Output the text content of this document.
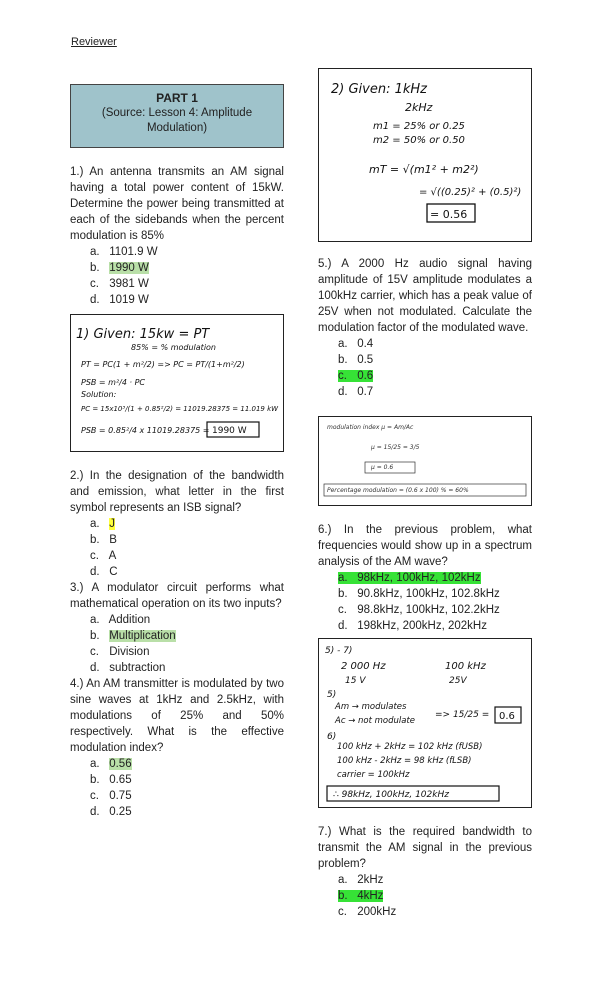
Reviewer
PART 1
(Source: Lesson 4: Amplitude Modulation)

1.) An antenna transmits an AM signal having a total power content of 15kW. Determine the power being transmitted at each of the sidebands when the percent modulation is 85%

a. 1101.9 W
b. 1990 W
c. 3981 W
d. 1019 W
1) Given: 15kw = PT
85% = % modulation
PT = PC(1 + m²/2) => PC = PT/(1+m²/2)
PSB = m²/4 · PC
Solution:
PC = 15x10³/(1 + 0.85²/2) = 11019.28375 = 11.019 kW
PSB = 0.85²/4 x 11019.28375 = 1990 W

2.) In the designation of the bandwidth and emission, what letter in the first symbol represents an ISB signal?

a. J
b. B
c. A
d. C

3.) A modulator circuit performs what mathematical operation on its two inputs?

a. Addition
b. Multiplication
c. Division
d. subtraction

4.) An AM transmitter is modulated by two sine waves at 1kHz and 2.5kHz, with modulations of 25% and 50% respectively. What is the effective modulation index?

a. 0.56
b. 0.65
c. 0.75
d. 0.25
2) Given: 1kHz
2kHz
m1 = 25% or 0.25
m2 = 50% or 0.50
mT = √(m1² + m2²)
= √((0.25)² + (0.5)²)
= 0.56

5.) A 2000 Hz audio signal having amplitude of 15V amplitude modulates a 100kHz carrier, which has a peak value of 25V when not modulated. Calculate the modulation factor of the modulated wave.

a. 0.4
b. 0.5
c. 0.6
d. 0.7
modulation index μ = Am/Ac
μ = 15/25 = 3/5
μ = 0.6
Percentage modulation = (0.6 x 100) % = 60%

6.) In the previous problem, what frequencies would show up in a spectrum analysis of the AM wave?

a. 98kHz, 100kHz, 102kHz
b. 90.8kHz, 100kHz, 102.8kHz
c. 98.8kHz, 100kHz, 102.2kHz
d. 198kHz, 200kHz, 202kHz
5) - 7)
2 000 Hz	100 kHz
15 V	25V
5)
Am → modulates
Ac → not modulate
=> 15/25 =
6)
100 kHz + 2kHz = 102 kHz (fUSB)
100 kHz - 2kHz = 98 kHz (fLSB)
carrier = 100kHz
∴ 98kHz, 100kHz, 102kHz
0.6

7.) What is the required bandwidth to transmit the AM signal in the previous problem?

a. 2kHz
b. 4kHz
c. 200kHz
